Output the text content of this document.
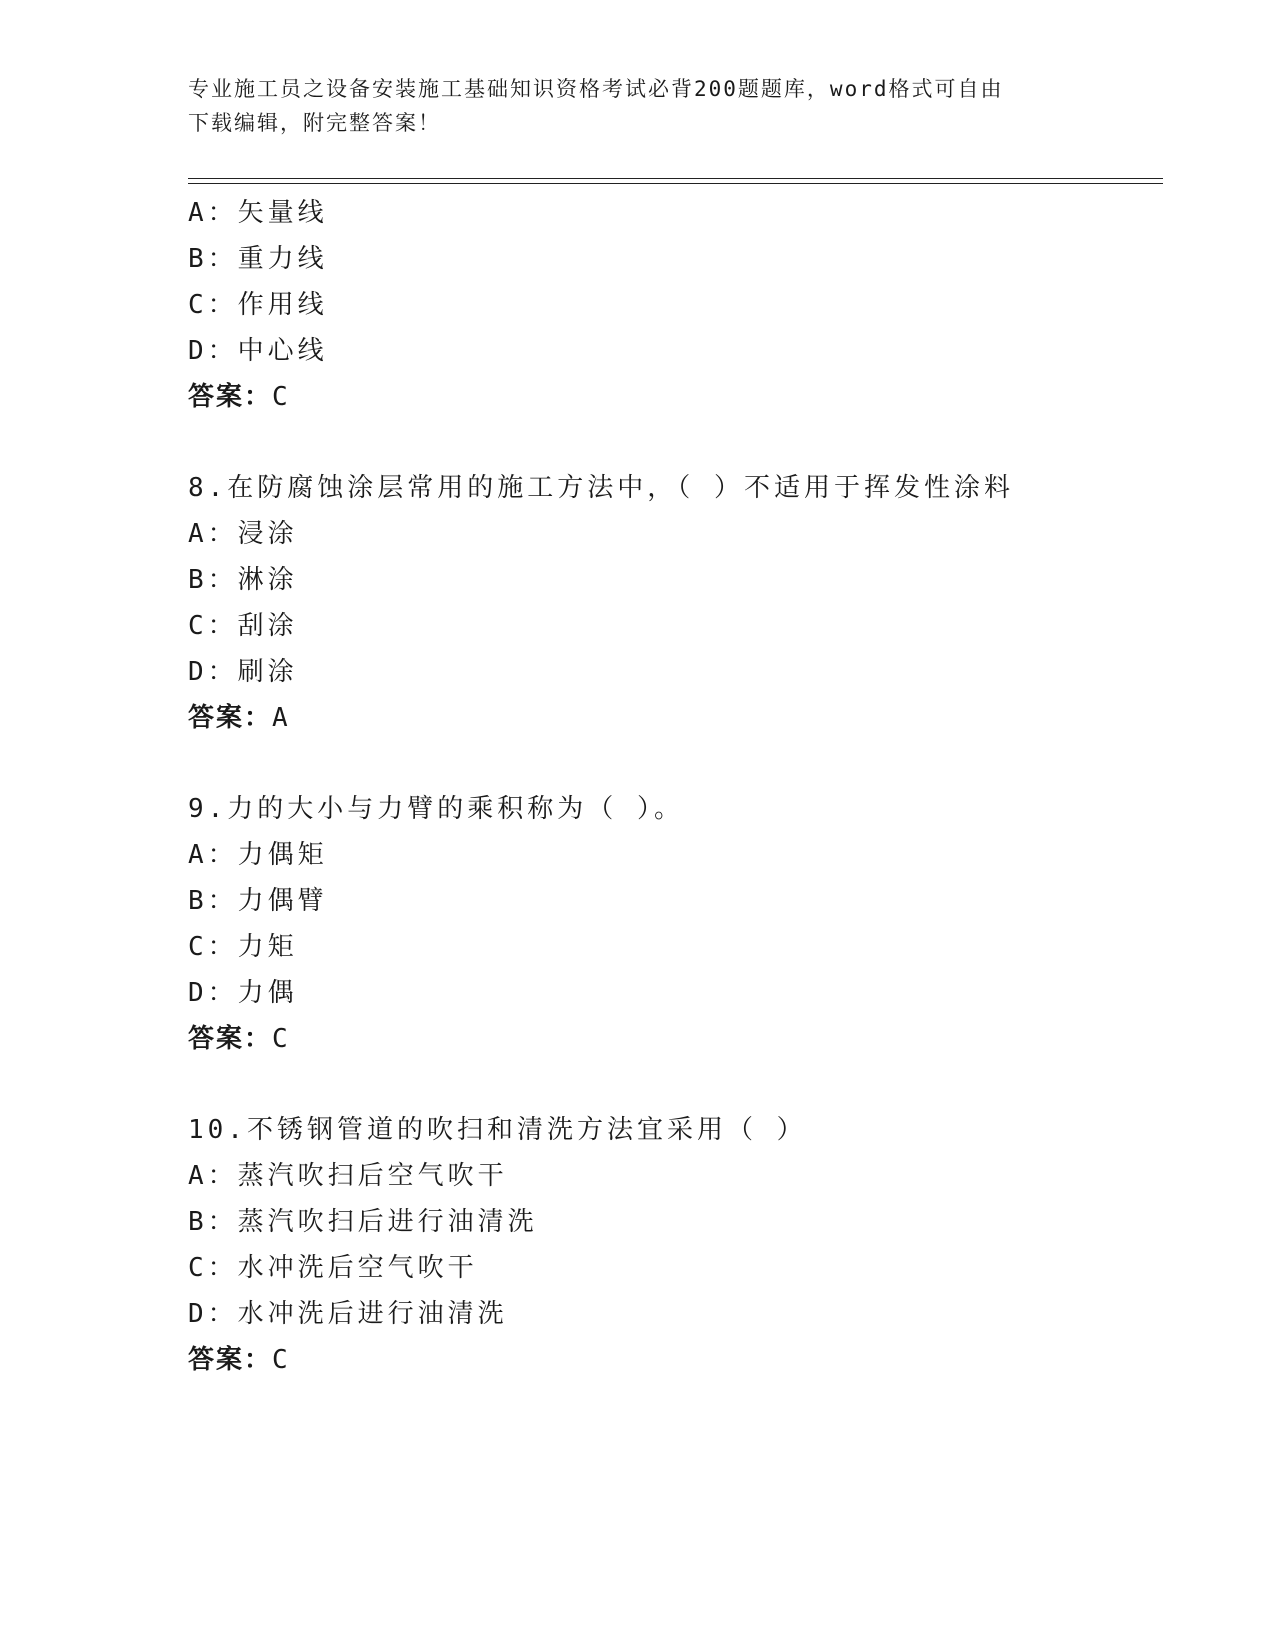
专业施工员之设备安装施工基础知识资格考试必背200题题库，word格式可自由
下载编辑，附完整答案！
A：矢量线
B：重力线
C：作用线
D：中心线
答案：C
8.在防腐蚀涂层常用的施工方法中，（ ）不适用于挥发性涂料
A：浸涂
B：淋涂
C：刮涂
D：刷涂
答案：A
9.力的大小与力臂的乘积称为（ ）。
A：力偶矩
B：力偶臂
C：力矩
D：力偶
答案：C
10.不锈钢管道的吹扫和清洗方法宜采用（ ）
A：蒸汽吹扫后空气吹干
B：蒸汽吹扫后进行油清洗
C：水冲洗后空气吹干
D：水冲洗后进行油清洗
答案：C
